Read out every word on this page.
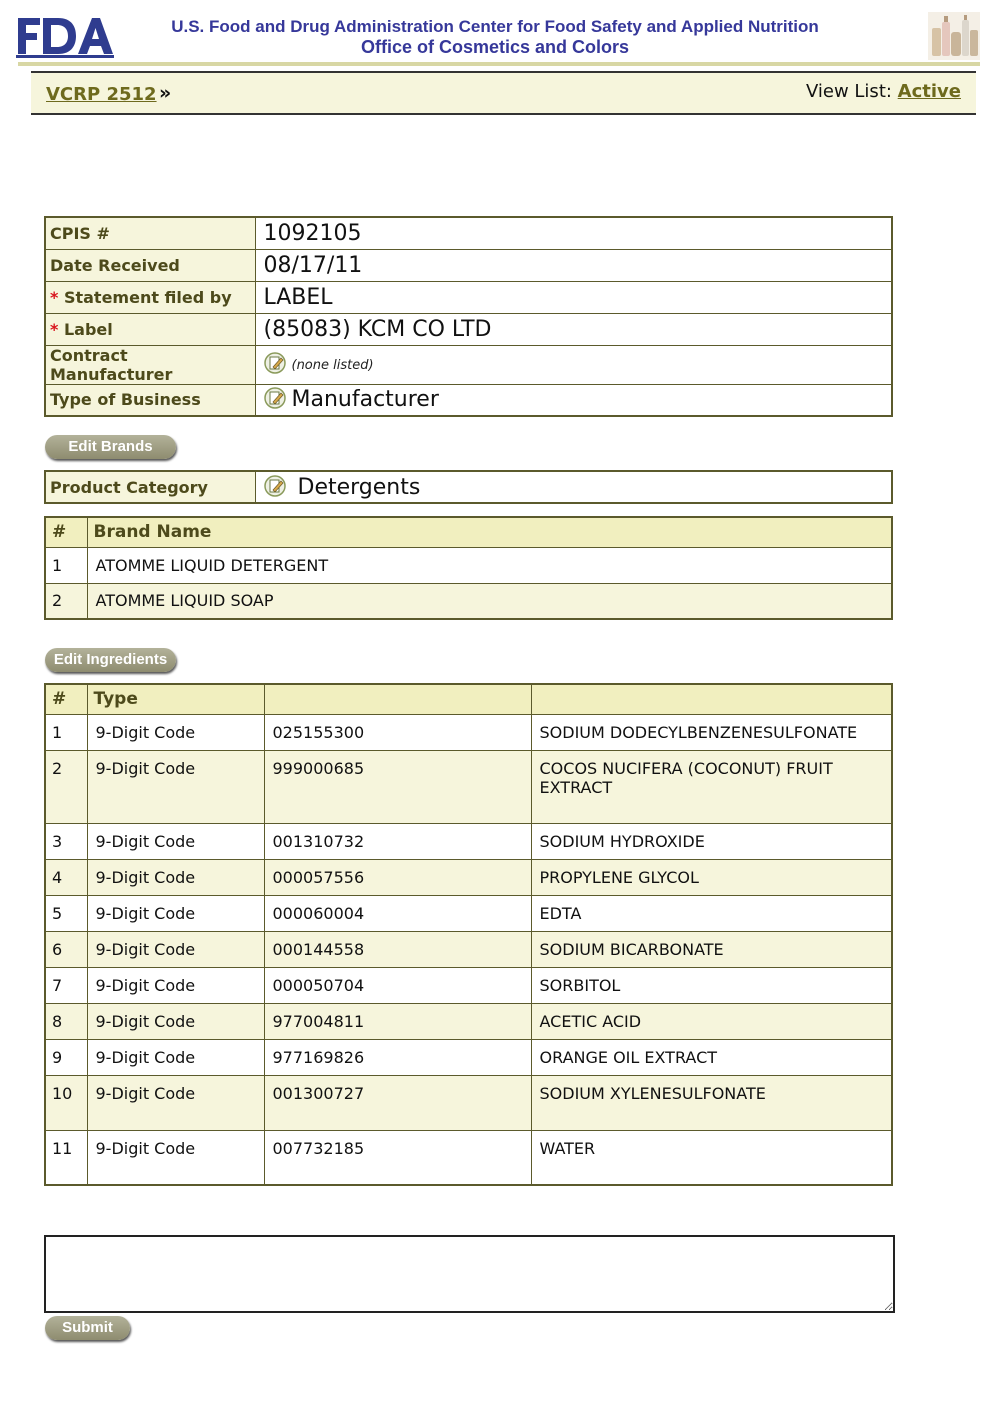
U.S. Food and Drug Administration Center for Food Safety and Applied Nutrition
Office of Cosmetics and Colors
VCRP 2512 »	View List: Active
CPIS #	1092105
Date Received	08/17/11
* Statement filed by	LABEL
* Label	(85083) KCM CO LTD
Contract Manufacturer	(none listed)
Type of Business	Manufacturer
Edit Brands
Product Category	Detergents
#	Brand Name
1	ATOMME LIQUID DETERGENT
2	ATOMME LIQUID SOAP
Edit Ingredients
#	Type		
1	9-Digit Code	025155300	SODIUM DODECYLBENZENESULFONATE
2	9-Digit Code	999000685	COCOS NUCIFERA (COCONUT) FRUIT EXTRACT
3	9-Digit Code	001310732	SODIUM HYDROXIDE
4	9-Digit Code	000057556	PROPYLENE GLYCOL
5	9-Digit Code	000060004	EDTA
6	9-Digit Code	000144558	SODIUM BICARBONATE
7	9-Digit Code	000050704	SORBITOL
8	9-Digit Code	977004811	ACETIC ACID
9	9-Digit Code	977169826	ORANGE OIL EXTRACT
10	9-Digit Code	001300727	SODIUM XYLENESULFONATE
11	9-Digit Code	007732185	WATER
Submit
